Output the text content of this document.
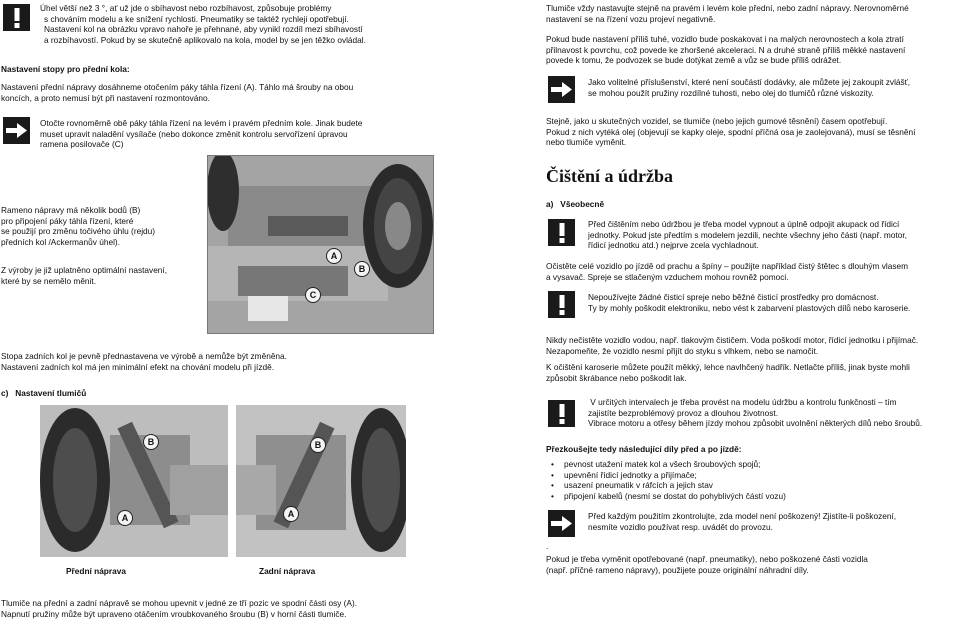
Úhel větší než 3 °, ať už jde o sbíhavost nebo rozbíhavost, způsobuje problémy
s chováním modelu a ke snížení rychlosti. Pneumatiky se taktéž rychleji opotřebují.
Nastavení kol na obrázku vpravo nahoře je přehnané, aby vynikl rozdíl mezi sbíhavostí
a rozbíhavostí. Pokud by se skutečně aplikovalo na kola, model by se jen těžko ovládal.
Nastavení stopy pro přední kola:
Nastavení přední nápravy dosáhneme otočením páky táhla řízení (A). Táhlo má šrouby na obou
koncích, a proto nemusí být při nastavení rozmontováno.
Otočte rovnoměrně obě páky táhla řízení na levém i pravém předním kole. Jinak budete
muset upravit naladění vysílače (nebo dokonce změnit kontrolu servořízení úpravou
ramena posilovače (C)
Rameno nápravy má několik bodů (B)
pro připojení páky táhla řízení, které
se použijí pro změnu točivého úhlu (rejdu)
předních kol /Ackermanův úhel).
Z výroby je již uplatněno optimální nastavení,
které by se nemělo měnit.
A
B
C
Stopa zadních kol je pevně přednastavena ve výrobě a nemůže být změněna.
Nastavení zadních kol má jen minimální efekt na chování modelu při jízdě.
c)   Nastavení tlumičů
B
A
B
A
Přední náprava	Zadní náprava
Tlumiče na přední a zadní nápravě se mohou upevnit v jedné ze tří pozic ve spodní části osy (A).
Napnutí pružiny může být upraveno otáčením vroubkovaného šroubu (B) v horní části tlumiče.
Tlumiče vždy nastavujte stejně na pravém i levém kole přední, nebo zadní nápravy. Nerovnoměrné
nastavení se na řízení vozu projeví negativně.
Pokud bude nastavení příliš tuhé, vozidlo bude poskakovat i na malých nerovnostech a kola ztratí
přilnavost k povrchu, což povede ke zhoršené akceleraci. N a druhé straně příliš měkké nastavení
povede k tomu, že podvozek se bude dotýkat země a vůz se bude příliš odrážet.
Jako volitelné příslušenství, které není součástí dodávky, ale můžete jej zakoupit zvlášť,
se mohou použít pružiny rozdílné tuhosti, nebo olej do tlumičů různé viskozity.
Stejně, jako u skutečných vozidel, se tlumiče (nebo jejich gumové těsnění) časem opotřebují.
Pokud z nich vytéká olej (objevují se kapky oleje, spodní příčná osa je zaolejovaná), musí se těsnění
nebo tlumiče vyměnit.
Čištění a údržba
a)   Všeobecně
Před čištěním nebo údržbou je třeba model vypnout a úplně odpojit akupack od řídicí
jednotky. Pokud jste předtím s modelem jezdili, nechte všechny jeho části (např. motor,
řídicí jednotku atd.) nejprve zcela vychladnout.
Očistěte celé vozidlo po jízdě od prachu a špíny – použijte například čistý štětec s dlouhým vlasem
a vysavač. Spreje se stlačeným vzduchem mohou rovněž pomoci.
Nepoužívejte žádné čisticí spreje nebo běžné čisticí prostředky pro domácnost.
Ty by mohly poškodit elektroniku, nebo vést k zabarvení plastových dílů nebo karoserie.
Nikdy nečistěte vozidlo vodou, např. tlakovým čističem. Voda poškodí motor, řídicí jednotku i přijímač.
Nezapomeňte, že vozidlo nesmí přijít do styku s vlhkem, nebo se namočit.
K očištění karoserie můžete použít měkký, lehce navlhčený hadřík. Netlačte příliš, jinak byste mohli
způsobit škrábance nebo poškodit lak.
V určitých intervalech je třeba provést na modelu údržbu a kontrolu funkčnosti – tím
zajistíte bezproblémový provoz a dlouhou životnost.
Vibrace motoru a otřesy během jízdy mohou způsobit uvolnění některých dílů nebo šroubů.
Přezkoušejte tedy následující díly před a po jízdě:
• pevnost utažení matek kol a všech šroubových spojů;
• upevnění řídicí jednotky a přijímače;
• usazení pneumatik v ráfcích a jejich stav
• připojení kabelů (nesmí se dostat do pohyblivých částí vozu)
Před každým použitím zkontrolujte, zda model není poškozený! Zjistíte-li poškození,
nesmíte vozidlo používat resp. uvádět do provozu.
.
Pokud je třeba vyměnit opotřebované (např. pneumatiky), nebo poškozené části vozidla
(např. příčné rameno nápravy), použijete pouze originální náhradní díly.
